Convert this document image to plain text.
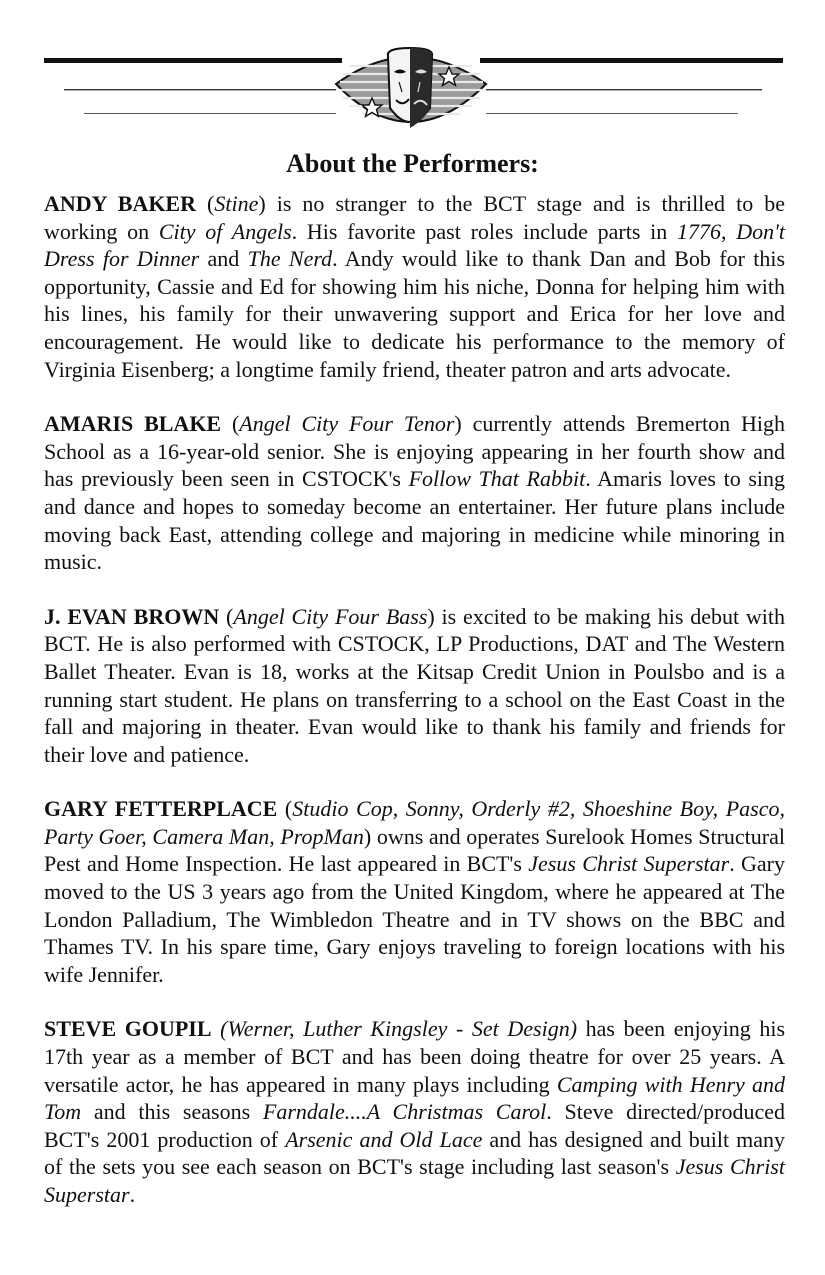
About the Performers:

ANDY BAKER (Stine) is no stranger to the BCT stage and is thrilled to be working on City of Angels. His favorite past roles include parts in 1776, Don't Dress for Dinner and The Nerd. Andy would like to thank Dan and Bob for this opportunity, Cassie and Ed for showing him his niche, Donna for helping him with his lines, his family for their unwavering support and Erica for her love and encouragement. He would like to dedicate his performance to the memory of Virginia Eisenberg; a longtime family friend, theater patron and arts advocate.

AMARIS BLAKE (Angel City Four Tenor) currently attends Bremerton High School as a 16-year-old senior. She is enjoying appearing in her fourth show and has previously been seen in CSTOCK's Follow That Rabbit. Amaris loves to sing and dance and hopes to someday become an entertainer. Her future plans include moving back East, attending college and majoring in medicine while minoring in music.

J. EVAN BROWN (Angel City Four Bass) is excited to be making his debut with BCT. He is also performed with CSTOCK, LP Productions, DAT and The Western Ballet Theater. Evan is 18, works at the Kitsap Credit Union in Poulsbo and is a running start student. He plans on transferring to a school on the East Coast in the fall and majoring in theater. Evan would like to thank his family and friends for their love and patience.

GARY FETTERPLACE (Studio Cop, Sonny, Orderly #2, Shoeshine Boy, Pasco, Party Goer, Camera Man, PropMan) owns and operates Surelook Homes Structural Pest and Home Inspection. He last appeared in BCT's Jesus Christ Superstar. Gary moved to the US 3 years ago from the United Kingdom, where he appeared at The London Palladium, The Wimbledon Theatre and in TV shows on the BBC and Thames TV. In his spare time, Gary enjoys traveling to foreign locations with his wife Jennifer.

STEVE GOUPIL (Werner, Luther Kingsley - Set Design) has been enjoying his 17th year as a member of BCT and has been doing theatre for over 25 years. A versatile actor, he has appeared in many plays including Camping with Henry and Tom and this seasons Farndale....A Christmas Carol. Steve directed/produced BCT's 2001 production of Arsenic and Old Lace and has designed and built many of the sets you see each season on BCT's stage including last season's Jesus Christ Superstar.
